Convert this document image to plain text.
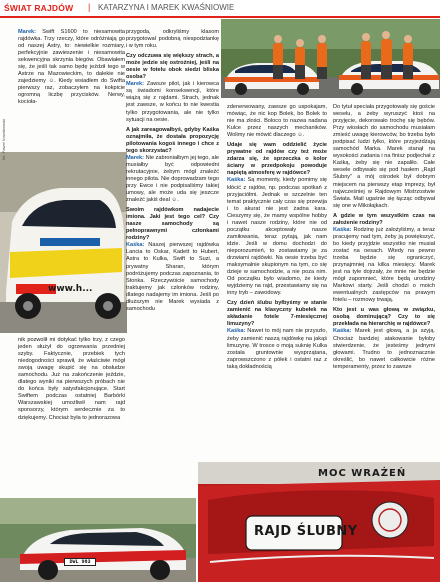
ŚWIAT RAJDÓW | KATARZYNA I MAREK KWAŚNIOWIE
www.h...
fot. Paweł Nowakowski
DWL 983
MOC WRAŻEŃ
RAJD ŚLUBNY

Marek: Swift S1600 to niesamowita rajdówka. Trzy rzeczy, które odróżniają go od naszej Astry, to: niewielkie rozmiary, perfekcyjnie zawieszenie i niesamowita sekwencyjna skrzynia biegów. Obawiałem się, że jeśli tak samo będę jeździł tego w Astrze na Mazowieckim, to dalekie nie zajedziemy ☺. Kiedy wsiadłem do Swifta pierwszy raz, zobaczyłem na kokpicie ogromną liczbę przycisków. Nerwy, kocioła-

nik pozwolił mi dotykać tylko trzy, z czego jeden służył do ogrzewania przedniej szyby. Faktycznie, przebiek tych niedogodności sprawił, że właściwie mógł swoją uwagę skupić się na obsłudze samochodu. Już na zakończenie jeździe, dlatego wyniki na pierwszych próbach nie do końca były satysfakcjonujące. Start Swiftem podczas ostatniej Barbórki Warszawskiej umożliwił nam rajd sponsorzy, którym serdecznie za to dziękujemy. Chociaż była to jednorazowa

przygoda, odkryliśmy klasom przygotował podobną niespodziankę i w tym roku.

Czy odczuwa się większy strach, a może jedzie się ostrożniej, jeśli na oesie w fotelu obok siedzi bliska osoba?

Marek: Zawsze pilot, jak i kierowca są świadomi konsekwencji, które wiążą się z rajdami. Strach, jednak jest zawsze, w końcu to nie kwestia tylko przygotowania, ale nie tylko sytuacji na oesie.

A jak zareagowałbyś, gdyby Kaśka oznajmiła, że dostała propozycję pilotowania kogoś innego i chce z tego skorzystać?

Marek: Nie zabroniałbym jej tego, ale musiałby być odpowiedni rekrutacyjnie, żebym mógł znaleźć innego pilota. Nie doprowadzam tego przy Ewce i nie podpisaliśmy takiej umowy, ale może uda się jeszcze znaleźć jakiś deal ☺.

Swoim rajdówkom nadajecie imiona. Jaki jest tego cel? Czy nasze samochody są pełnoprawnymi członkami rodziny?

Kaśka: Naszej pierwszej rajdówka Lancia to Oskar, Kadett to Hubert, Astra to Kulka, Swift to Suzi, a prywatny Sharan, którym podróżujemy podczas zapoznania, to Stonka. Rzeczywiście samochody traktujemy jak członków rodziny, dlatego nadajemy im imiona. Jeśli po dłuższym nie Marek wysiada z samochodu

zdenerwowany, zawsze go uspokajam, mówiąc, że nic kop Bolek, bo Bolek to nie ma złości. Boloco to nazwa nadana Kulce przez naszych mechaników. Wolimy nie mówić dlaczego ☺.

Udaje się wam oddzielić życie prywatne od rajdów czy też może zdarza się, że sprzeczka o kolor ściany w przedpokoju powoduje napiętą atmosferę w rajdówce?

Kaśka: Są momenty, kiedy pomimy się kłócić z rajdów, np. podczas spotkań z przyjaciółmi. Jednak w szczelnie ten temat praktycznie cały czas się przewija i to akurat nie jest żadna kara. Cieszymy się, że mamy wspólne hobby i nawet nasze rodziny, które nie od początku akceptowały nasze zamiłowania, teraz pytają, jak nam idzie. Jeśli w domu dochodzi do nieporozumień, to zostawiamy je za drzwiami rajdówki. Na oesie trzeba być maksymalnie skupionym na tym, co się dzieje w samochodzie, a nie poza nim. Od początku było wiadomo, że kiedy wyjdziemy na rajd, przestawiamy się na inny tryb – zawodowy.

Czy dzień ślubu byłbyśmy w stanie zamienić na klasyczny kubełek na składanie fotele 7-miesięcznej limuzyny?

Kaśka: Nawet to mój nam nie przyszło, żeby zamienić naszą rajdówkę na jakąś limuzynę. W trosce o moją suknię Kulka została gruntownie wysprzątana, zaprowszczono z półek i ostatni raz z taką dokładnością

Do tytuł speciała przygotowały się goście weselu, a żeby wyruszyć ktoś na przyjęcie, dekorowało trochę się bębów. Przy wiosłach do samochodu musiałam zmieść uwagę kierowców, bo trzeba było podpisać ludzi tylko, które przyjeżdżają samochód Marka. Marek stanął na wysokości zadania i na finisz podjechał z Kaśką, żeby się nie zapaliło. Całe wesele odbywało się pod hasłem „Rajd Ślubny" a mój ośrodek był dobrym miejscem na pierwszy etap imprezy, był najwcześniej w Rajdowym Mistrzostwie Świata. Mail ugaśnie się łącząc odbywał się one w Mikołajkach.

A gdzie w tym wszystkim czas na założenie rodziny?

Kaśka: Rodzinę już założyliśmy, a teraz pracujemy nad tym, żeby ją powiększyć, bo kiedy przyjdzie wszystko nie musiał zostać na oesach. Wtedy na pewno trzeba będzie się ograniczyć, przynajmniej na kilka miesięcy. Marek jest na tyle dojrzały, że mnie nie będzie mógł zapomnieć, które będą urodziny Markowi starty. Jeśli chodzi o moich ewentualnych zastępców na prawym fotelu – rozmowy trwają.

Kto jest u was głową w związku, osobą dominującą? Czy to się przekłada na hierarchię w rajdówce?

Kaśka: Marek jest głową, a ja szyją. Chociaż bardziej atakowanie byłoby stwierdzenie, że jesteśmy jednymi głowami. Trudno to jednoznacznie określić, bo nawet całkowicie różne temperamenty, przez to zawsze
